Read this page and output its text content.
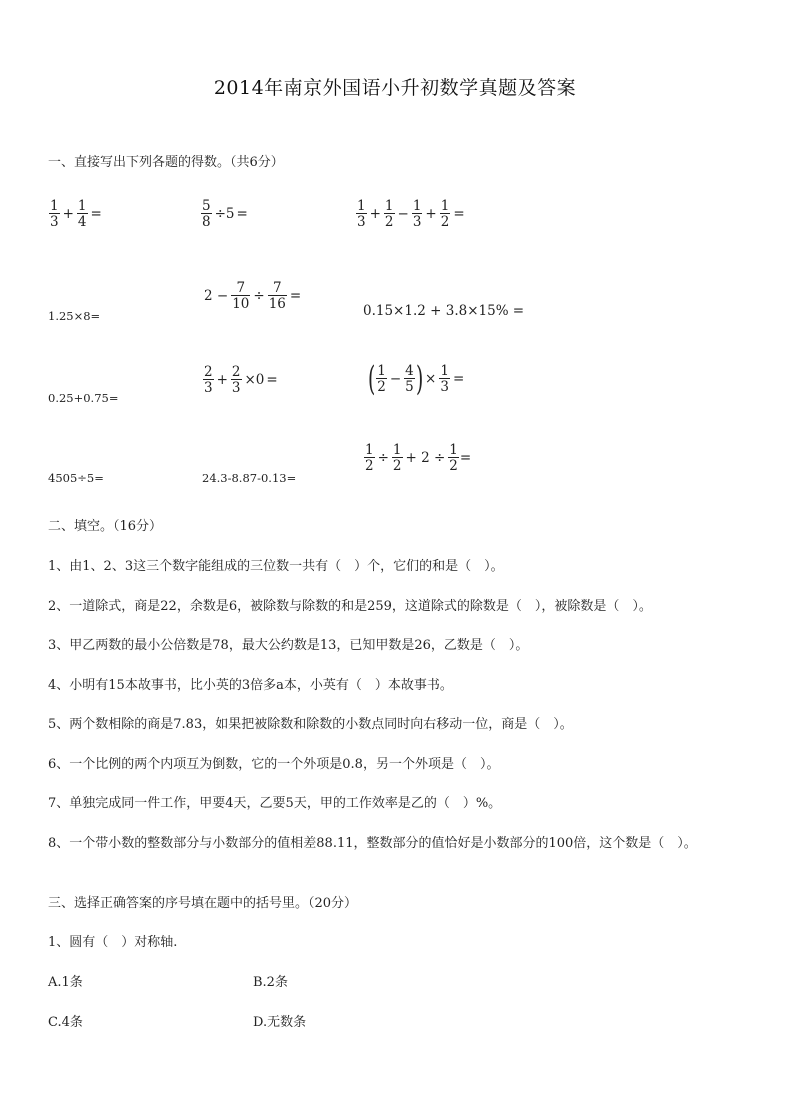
2014年南京外国语小升初数学真题及答案
一、直接写出下列各题的得数。（共6分）
$\frac{1}{3} + \frac{1}{4}$ =	$\frac{5}{8} \div 5$ =	$\frac{1}{3} + \frac{1}{2} - \frac{1}{3} + \frac{1}{2}$ =
1.25×8=
$2 - \frac{7}{10} \div \frac{7}{16}$ =
0.15×1.2 + 3.8×15% =
0.25+0.75=
$\frac{2}{3} + \frac{2}{3} \times 0$ =	( $\frac{1}{2} - \frac{4}{5}$ ) × $\frac{1}{3}$ =
4505÷5=	24.3-8.87-0.13=
$\frac{1}{2} \div \frac{1}{2} + 2 \div \frac{1}{2}$ =
二、填空。（16分）
1、由1、2、3这三个数字能组成的三位数一共有（　）个，它们的和是（　）。
2、一道除式，商是22，余数是6，被除数与除数的和是259，这道除式的除数是（　），被除数是（　）。
3、甲乙两数的最小公倍数是78，最大公约数是13，已知甲数是26，乙数是（　）。
4、小明有15本故事书，比小英的3倍多a本，小英有（　）本故事书。
5、两个数相除的商是7.83，如果把被除数和除数的小数点同时向右移动一位，商是（　）。
6、一个比例的两个内项互为倒数，它的一个外项是0.8，另一个外项是（　）。
7、单独完成同一件工作，甲要4天，乙要5天，甲的工作效率是乙的（　）%。
8、一个带小数的整数部分与小数部分的值相差88.11，整数部分的值恰好是小数部分的100倍，这个数是（　）。
三、选择正确答案的序号填在题中的括号里。（20分）
1、圆有（　）对称轴.
A.1条	B.2条
C.4条	D.无数条
